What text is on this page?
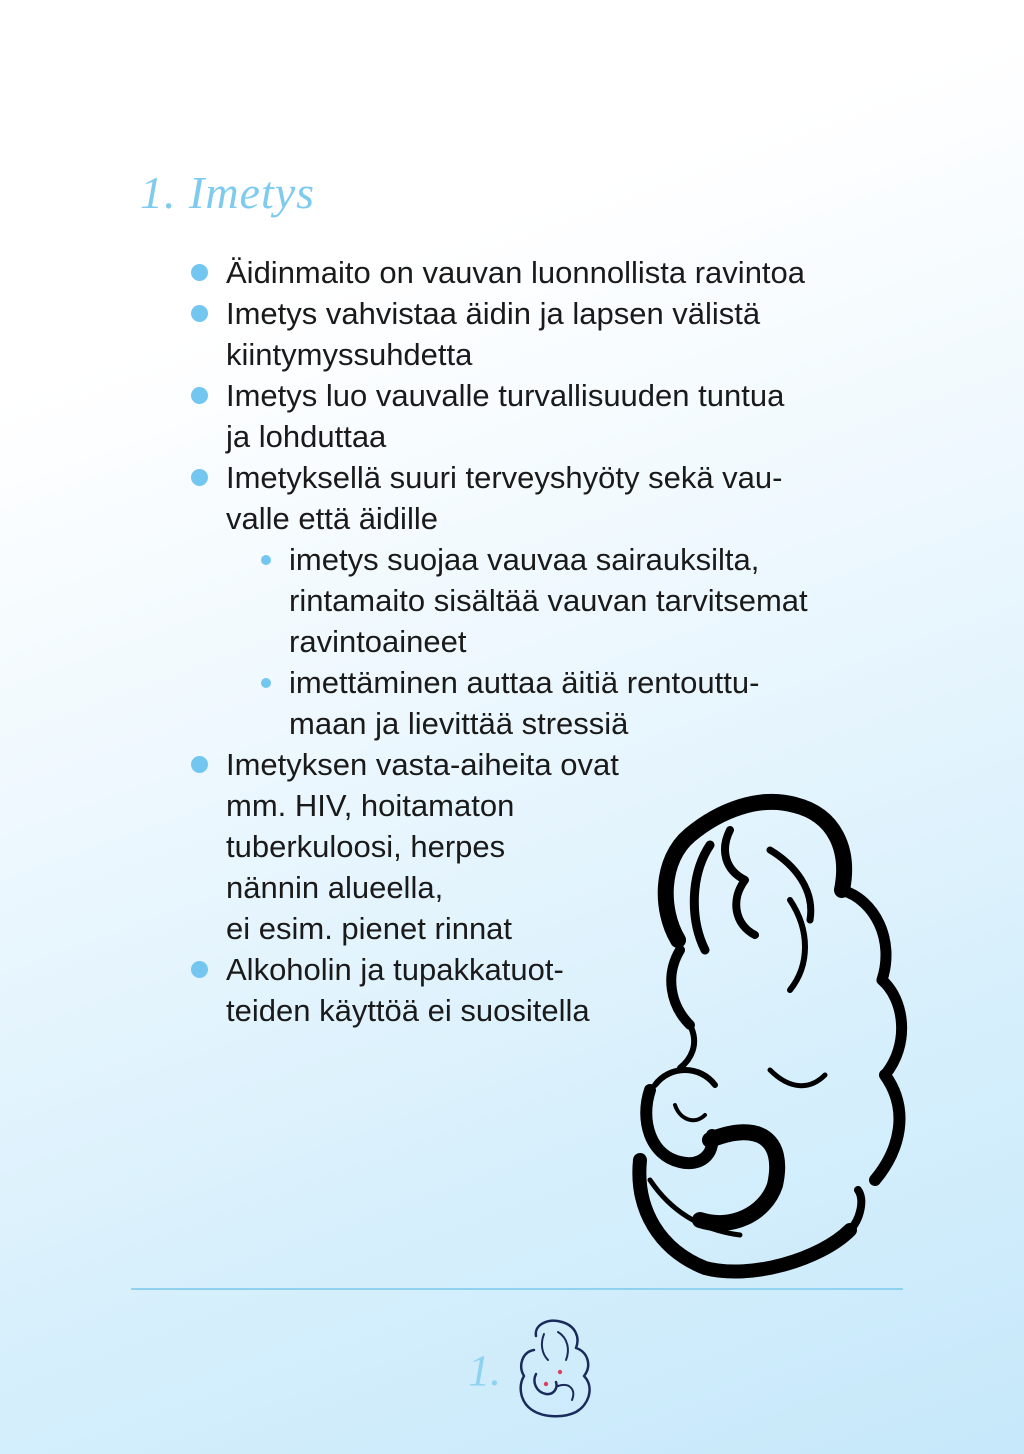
1. Imetys
Äidinmaito on vauvan luonnollista ravintoa
Imetys vahvistaa äidin ja lapsen välistä
kiintymyssuhdetta
Imetys luo vauvalle turvallisuuden tuntua
ja lohduttaa
Imetyksellä suuri terveyshyöty sekä vau-
valle että äidille
imetys suojaa vauvaa sairauksilta,
rintamaito sisältää vauvan tarvitsemat
ravintoaineet
imettäminen auttaa äitiä rentouttu-
maan ja lievittää stressiä
Imetyksen vasta-aiheita ovat
mm. HIV, hoitamaton
tuberkuloosi, herpes
nännin alueella,
ei esim. pienet rinnat
Alkoholin ja tupakkatuot-
teiden käyttöä ei suositella
1.
